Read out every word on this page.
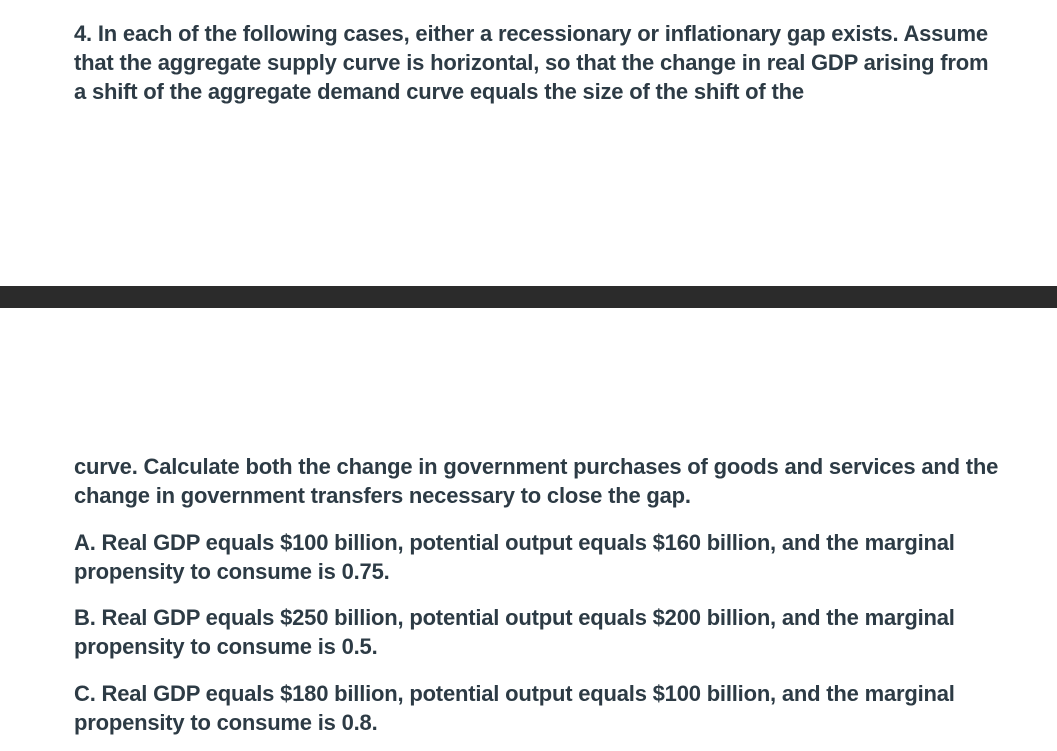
4. In each of the following cases, either a recessionary or inflationary gap exists. Assume that the aggregate supply curve is horizontal, so that the change in real GDP arising from a shift of the aggregate demand curve equals the size of the shift of the

curve. Calculate both the change in government purchases of goods and services and the change in government transfers necessary to close the gap.

A. Real GDP equals $100 billion, potential output equals $160 billion, and the marginal propensity to consume is 0.75.

B. Real GDP equals $250 billion, potential output equals $200 billion, and the marginal propensity to consume is 0.5.

C. Real GDP equals $180 billion, potential output equals $100 billion, and the marginal propensity to consume is 0.8.
